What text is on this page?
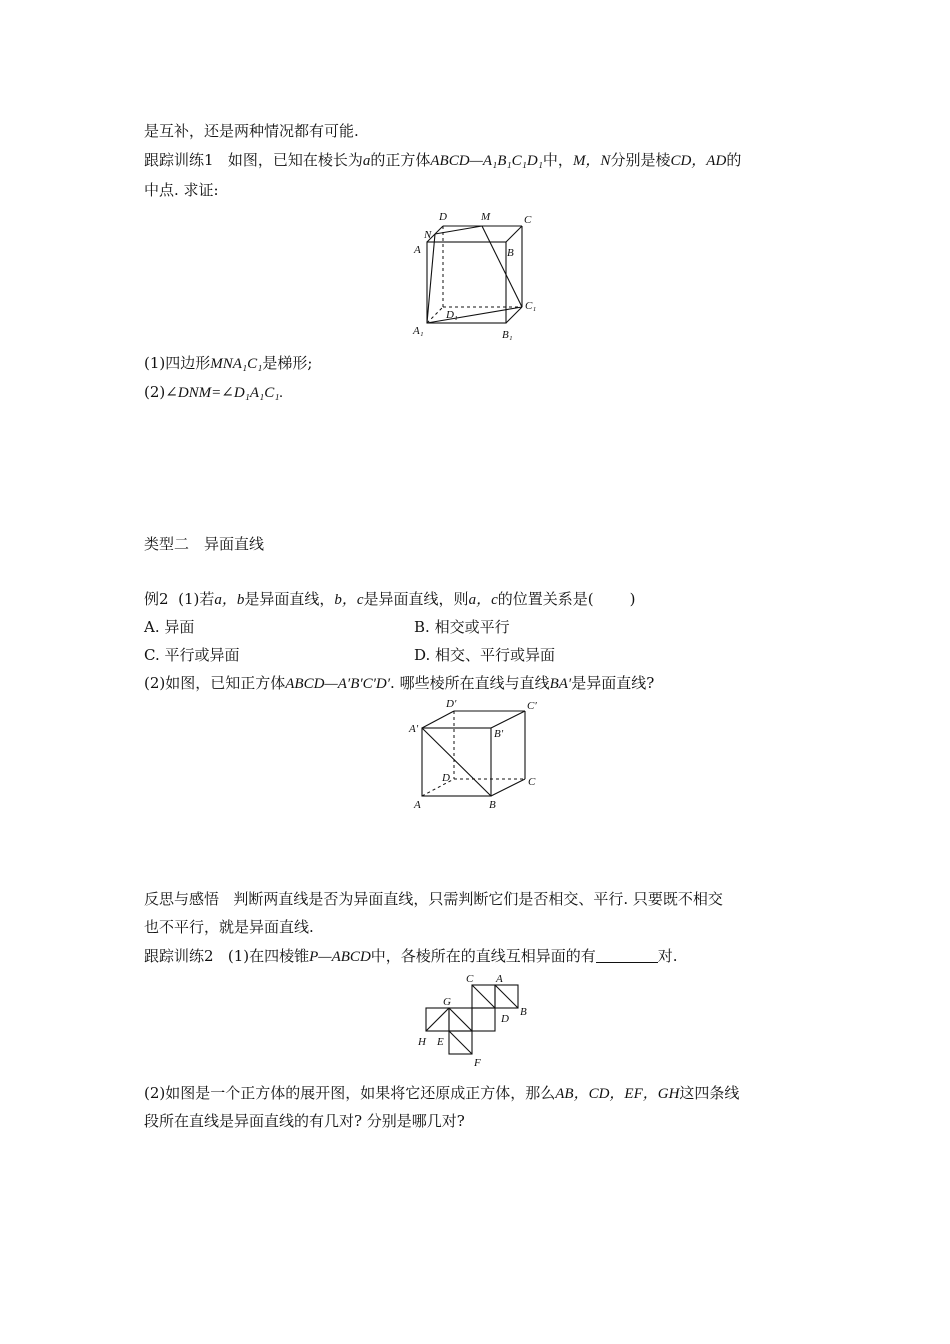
是互补，还是两种情况都有可能.
跟踪训练1 如图，已知在棱长为a的正方体ABCD—A₁B₁C₁D₁中，M，N分别是棱CD，AD的
中点. 求证:
D	M	C
N
A	B
D₁
C₁
A₁	B₁
(1)四边形MNA₁C₁是梯形;
(2)∠DNM=∠D₁A₁C₁.
类型二　异面直线
例2 (1)若a，b是异面直线，b，c是异面直线，则a，c的位置关系是( )
A. 异面	B. 相交或平行
C. 平行或异面	D. 相交、平行或异面
(2)如图，已知正方体ABCD—A′B′C′D′. 哪些棱所在直线与直线BA′是异面直线?
D′	C′
A′	B′
D	C
A	B
反思与感悟 判断两直线是否为异面直线，只需判断它们是否相交、平行. 只要既不相交
也不平行，就是异面直线.
跟踪训练2 (1)在四棱锥P—ABCD中，各棱所在的直线互相异面的有	对.
C A
G
D
B
H E
F
(2)如图是一个正方体的展开图，如果将它还原成正方体，那么AB，CD，EF，GH这四条线
段所在直线是异面直线的有几对? 分别是哪几对?
